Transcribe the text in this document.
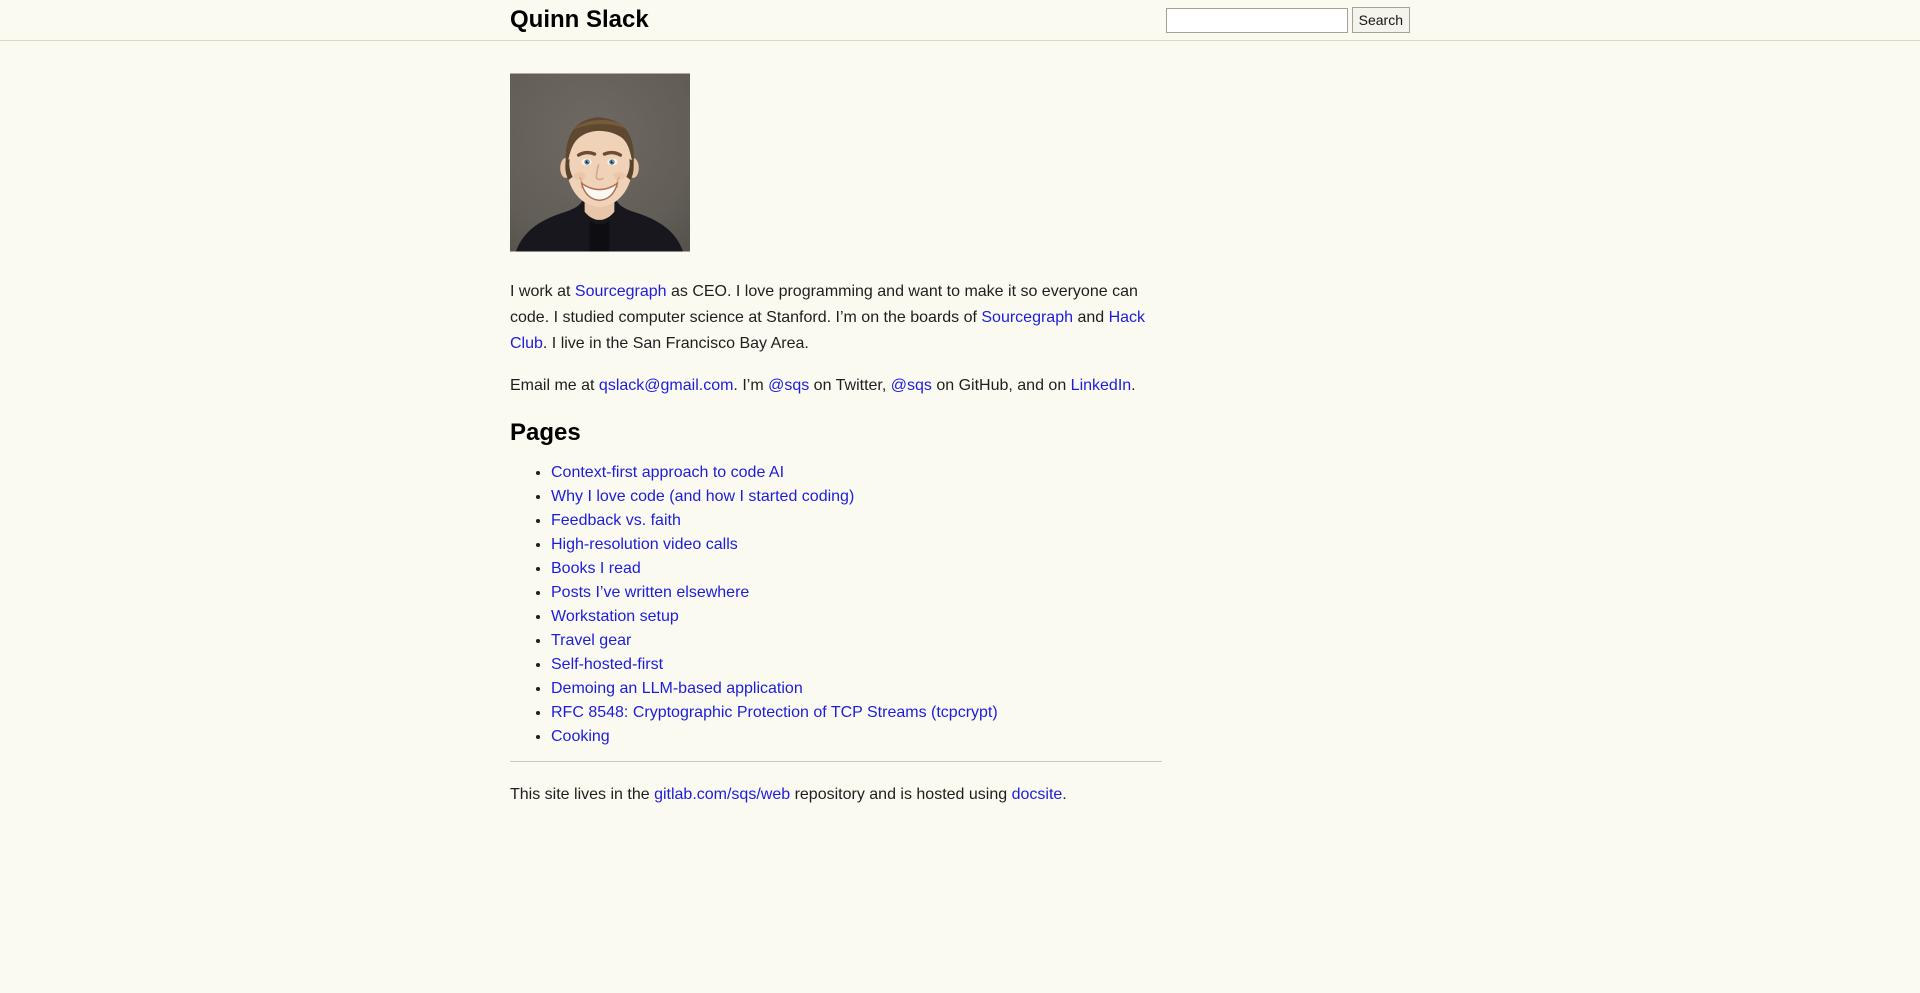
Quinn Slack	Search

I work at Sourcegraph as CEO. I love programming and want to make it so everyone can code. I studied computer science at Stanford. I’m on the boards of Sourcegraph and Hack Club. I live in the San Francisco Bay Area.

Email me at qslack@gmail.com. I’m @sqs on Twitter, @sqs on GitHub, and on LinkedIn.

Pages
• Context-first approach to code AI
• Why I love code (and how I started coding)
• Feedback vs. faith
• High-resolution video calls
• Books I read
• Posts I’ve written elsewhere
• Workstation setup
• Travel gear
• Self-hosted-first
• Demoing an LLM-based application
• RFC 8548: Cryptographic Protection of TCP Streams (tcpcrypt)
• Cooking

This site lives in the gitlab.com/sqs/web repository and is hosted using docsite.
